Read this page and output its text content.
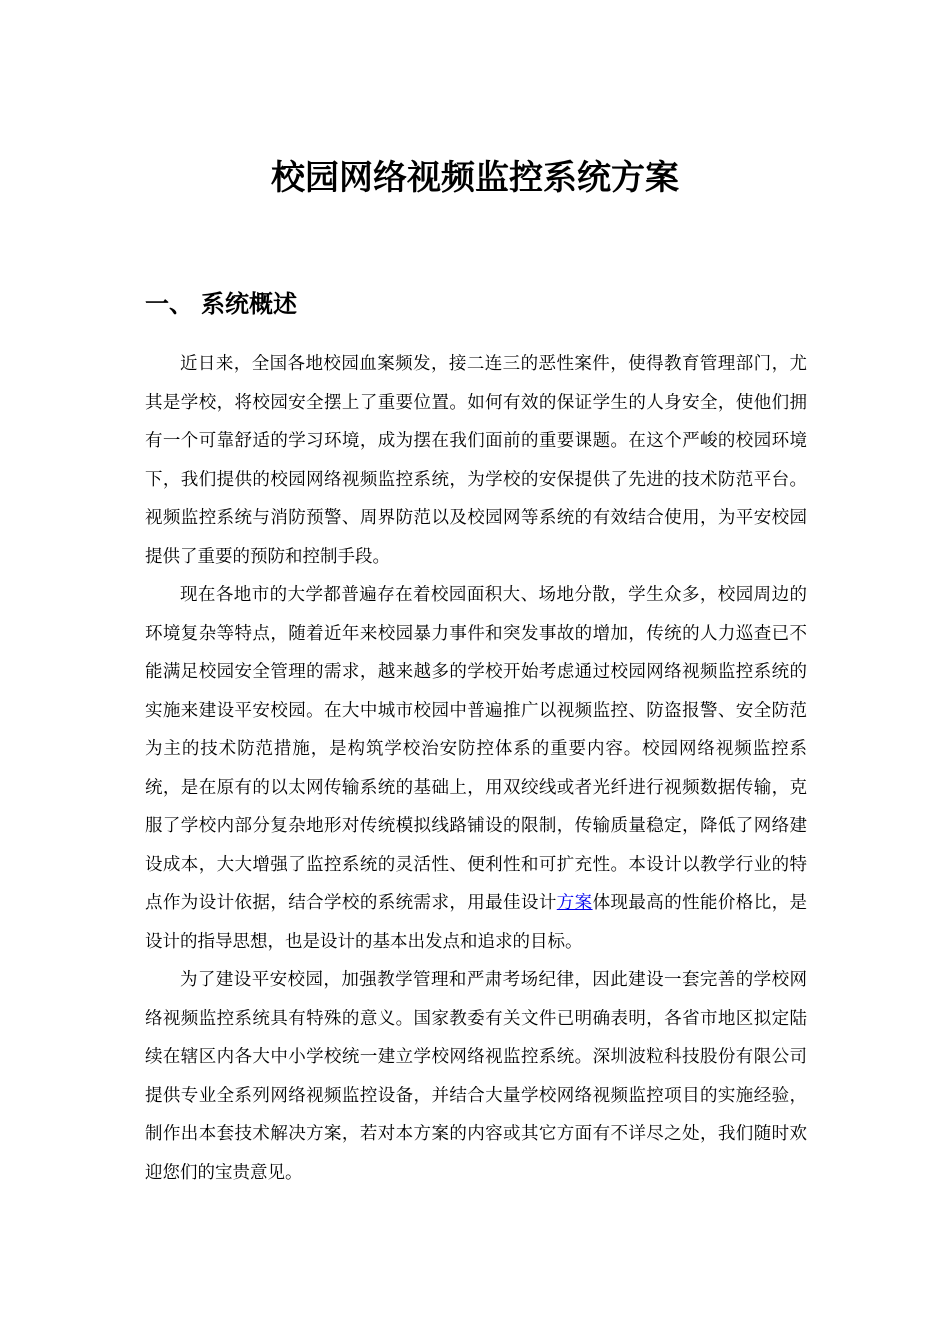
校园网络视频监控系统方案
一、 系统概述

近日来，全国各地校园血案频发，接二连三的恶性案件，使得教育管理部门，尤其是学校，将校园安全摆上了重要位置。如何有效的保证学生的人身安全，使他们拥有一个可靠舒适的学习环境，成为摆在我们面前的重要课题。在这个严峻的校园环境下，我们提供的校园网络视频监控系统，为学校的安保提供了先进的技术防范平台。视频监控系统与消防预警、周界防范以及校园网等系统的有效结合使用，为平安校园提供了重要的预防和控制手段。

现在各地市的大学都普遍存在着校园面积大、场地分散，学生众多，校园周边的环境复杂等特点，随着近年来校园暴力事件和突发事故的增加，传统的人力巡查已不能满足校园安全管理的需求，越来越多的学校开始考虑通过校园网络视频监控系统的实施来建设平安校园。在大中城市校园中普遍推广以视频监控、防盗报警、安全防范为主的技术防范措施，是构筑学校治安防控体系的重要内容。校园网络视频监控系统，是在原有的以太网传输系统的基础上，用双绞线或者光纤进行视频数据传输，克服了学校内部分复杂地形对传统模拟线路铺设的限制，传输质量稳定，降低了网络建设成本，大大增强了监控系统的灵活性、便利性和可扩充性。本设计以教学行业的特点作为设计依据，结合学校的系统需求，用最佳设计方案体现最高的性能价格比，是设计的指导思想，也是设计的基本出发点和追求的目标。

为了建设平安校园，加强教学管理和严肃考场纪律，因此建设一套完善的学校网络视频监控系统具有特殊的意义。国家教委有关文件已明确表明，各省市地区拟定陆续在辖区内各大中小学校统一建立学校网络视监控系统。深圳波粒科技股份有限公司提供专业全系列网络视频监控设备，并结合大量学校网络视频监控项目的实施经验，制作出本套技术解决方案，若对本方案的内容或其它方面有不详尽之处，我们随时欢迎您们的宝贵意见。
